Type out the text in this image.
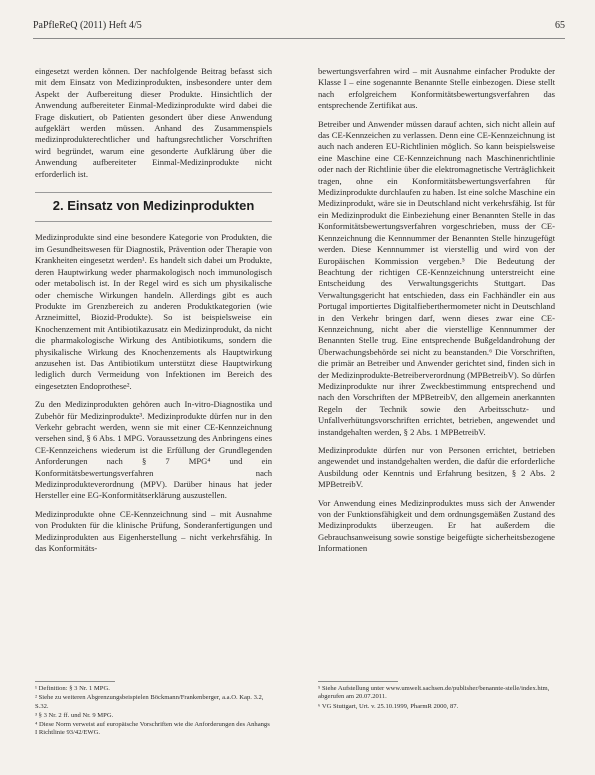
PaPfleReQ (2011) Heft 4/5	65

eingesetzt werden können. Der nachfolgende Beitrag befasst sich mit dem Einsatz von Medizinprodukten, insbesondere unter dem Aspekt der Aufbereitung dieser Produkte. Hinsichtlich der Anwendung aufbereiteter Einmal-Medizinprodukte wird dabei die Frage diskutiert, ob Patienten gesondert über diese Anwendung aufgeklärt werden müssen. Anhand des Zusammenspiels medizinprodukterechtlicher und haftungsrechtlicher Vorschriften wird begründet, warum eine gesonderte Aufklärung über die Anwendung aufbereiteter Einmal-Medizinprodukte nicht erforderlich ist.

2. Einsatz von Medizinprodukten

Medizinprodukte sind eine besondere Kategorie von Produkten, die im Gesundheitswesen für Diagnostik, Prävention oder Therapie von Krankheiten eingesetzt werden¹. Es handelt sich dabei um Produkte, deren Hauptwirkung weder pharmakologisch noch immunologisch oder metabolisch ist. In der Regel wird es sich um physikalische oder chemische Wirkungen handeln. Allerdings gibt es auch Produkte im Grenzbereich zu anderen Produktkategorien (wie Arzneimittel, Biozid-Produkte). So ist beispielsweise ein Knochenzement mit Antibiotikazusatz ein Medizinprodukt, da nicht die pharmakologische Wirkung des Antibiotikums, sondern die physikalische Wirkung des Knochenzements als Hauptwirkung anzusehen ist. Das Antibiotikum unterstützt diese Hauptwirkung lediglich durch Vermeidung von Infektionen im Bereich des eingesetzten Endoprothese².

Zu den Medizinprodukten gehören auch In-vitro-Diagnostika und Zubehör für Medizinprodukte³. Medizinprodukte dürfen nur in den Verkehr gebracht werden, wenn sie mit einer CE-Kennzeichnung versehen sind, § 6 Abs. 1 MPG. Voraussetzung des Anbringens eines CE-Kennzeichens wiederum ist die Erfüllung der Grundlegenden Anforderungen nach § 7 MPG⁴ und ein Konformitätsbewertungsverfahren nach Medizinprodukteverordnung (MPV). Darüber hinaus hat jeder Hersteller eine EG-Konformitätserklärung auszustellen.

Medizinprodukte ohne CE-Kennzeichnung sind – mit Ausnahme von Produkten für die klinische Prüfung, Sonderanfertigungen und Medizinprodukten aus Eigenherstellung – nicht verkehrsfähig. In das Konformitäts-

bewertungsverfahren wird – mit Ausnahme einfacher Produkte der Klasse I – eine sogenannte Benannte Stelle einbezogen. Diese stellt nach erfolgreichem Konformitätsbewertungsverfahren das entsprechende Zertifikat aus.

Betreiber und Anwender müssen darauf achten, sich nicht allein auf das CE-Kennzeichen zu verlassen. Denn eine CE-Kennzeichnung ist auch nach anderen EU-Richtlinien möglich. So kann beispielsweise eine Maschine eine CE-Kennzeichnung nach Maschinenrichtlinie oder nach der Richtlinie über die elektromagnetische Verträglichkeit tragen, ohne ein Konformitätsbewertungsverfahren für Medizinprodukte durchlaufen zu haben. Ist eine solche Maschine ein Medizinprodukt, wäre sie in Deutschland nicht verkehrsfähig. Ist für ein Medizinprodukt die Einbeziehung einer Benannten Stelle in das Konformitätsbewertungsverfahren vorgeschrieben, muss der CE-Kennzeichnung die Kennnummer der Benannten Stelle hinzugefügt werden. Diese Kennnummer ist vierstellig und wird von der Europäischen Kommission vergeben.⁵ Die Bedeutung der Beachtung der richtigen CE-Kennzeichnung unterstreicht eine Entscheidung des Verwaltungsgerichts Stuttgart. Das Verwaltungsgericht hat entschieden, dass ein Fachhändler ein aus Portugal importiertes Digitalfieberthermometer nicht in Deutschland in den Verkehr bringen darf, wenn dieses zwar eine CE-Kennzeichnung, nicht aber die vierstellige Kennnummer der Benannten Stelle trug. Eine entsprechende Bußgeldandrohung der Überwachungsbehörde sei nicht zu beanstanden.⁶ Die Vorschriften, die primär an Betreiber und Anwender gerichtet sind, finden sich in der Medizinprodukte-Betreiberverordnung (MPBetreibV). So dürfen Medizinprodukte nur ihrer Zweckbestimmung entsprechend und nach den Vorschriften der MPBetreibV, den allgemein anerkannten Regeln der Technik sowie den Arbeitsschutz- und Unfallverhütungsvorschriften errichtet, betrieben, angewendet und instandgehalten werden, § 2 Abs. 1 MPBetreibV.

Medizinprodukte dürfen nur von Personen errichtet, betrieben angewendet und instandgehalten werden, die dafür die erforderliche Ausbildung oder Kenntnis und Erfahrung besitzen, § 2 Abs. 2 MPBetreibV.

Vor Anwendung eines Medizinproduktes muss sich der Anwender von der Funktionsfähigkeit und dem ordnungsgemäßen Zustand des Medizinprodukts überzeugen. Er hat außerdem die Gebrauchsanweisung sowie sonstige beigefügte sicherheitsbezogene Informationen

¹ Definition: § 3 Nr. 1 MPG.
² Siehe zu weiteren Abgrenzungsbeispielen Böckmann/Frankenberger, a.a.O. Kap. 3.2, S.32.
³ § 3 Nr. 2 ff. und Nr. 9 MPG.
⁴ Diese Norm verweist auf europäische Vorschriften wie die Anforderungen des Anhangs I Richtlinie 93/42/EWG.
⁵ Siehe Aufstellung unter www.umwelt.sachsen.de/publisher/benannte-stelle/index.htm, abgerufen am 20.07.2011.
⁶ VG Stuttgart, Urt. v. 25.10.1999, PharmR 2000, 87.
